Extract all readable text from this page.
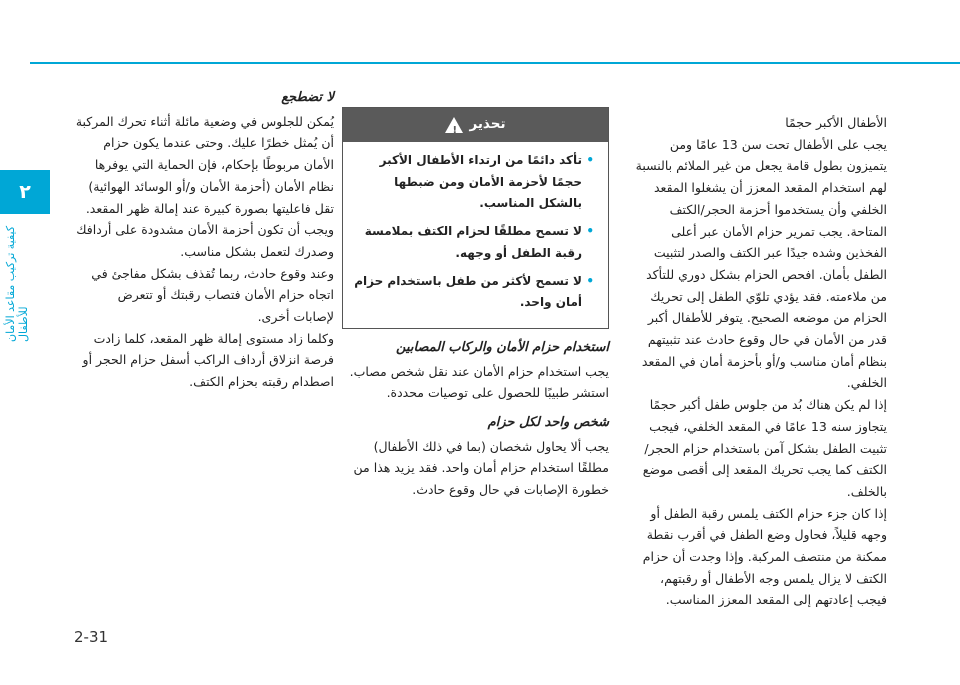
٢
كيفية تركيب مقاعد الأمان للأطفال

الأطفال الأكبر حجمًا

يجب على الأطفال تحت سن 13 عامًا ومن يتميزون بطول قامة يجعل من غير الملائم بالنسبة لهم استخدام المقعد المعزز أن يشغلوا المقعد الخلفي وأن يستخدموا أحزمة الحجر/الكتف المتاحة. يجب تمرير حزام الأمان عبر أعلى الفخذين وشده جيدًا عبر الكتف والصدر لتثبيت الطفل بأمان. افحص الحزام بشكل دوري للتأكد من ملاءمته. فقد يؤدي تلوّي الطفل إلى تحريك الحزام من موضعه الصحيح. يتوفر للأطفال أكبر قدر من الأمان في حال وقوع حادث عند تثبيتهم بنظام أمان مناسب و/أو بأحزمة أمان في المقعد الخلفي.

إذا لم يكن هناك بُد من جلوس طفل أكبر حجمًا يتجاوز سنه 13 عامًا في المقعد الخلفي، فيجب تثبيت الطفل بشكل آمن باستخدام حزام الحجر/الكتف كما يجب تحريك المقعد إلى أقصى موضع بالخلف.

إذا كان جزء حزام الكتف يلمس رقبة الطفل أو وجهه قليلاً، فحاول وضع الطفل في أقرب نقطة ممكنة من منتصف المركبة. وإذا وجدت أن حزام الكتف لا يزال يلمس وجه الأطفال أو رقبتهم، فيجب إعادتهم إلى المقعد المعزز المناسب.

تحذير
!
• تأكد دائمًا من ارتداء الأطفال الأكبر حجمًا لأحزمة الأمان ومن ضبطها بالشكل المناسب.
• لا تسمح مطلقًا لحزام الكتف بملامسة رقبة الطفل أو وجهه.
• لا تسمح لأكثر من طفل باستخدام حزام أمان واحد.
استخدام حزام الأمان والركاب المصابين

يجب استخدام حزام الأمان عند نقل شخص مصاب. استشر طبيبًا للحصول على توصيات محددة.

شخص واحد لكل حزام

يجب ألا يحاول شخصان (بما في ذلك الأطفال) مطلقًا استخدام حزام أمان واحد. فقد يزيد هذا من خطورة الإصابات في حال وقوع حادث.

لا تضطجع

يُمكن للجلوس في وضعية مائلة أثناء تحرك المركبة أن يُمثل خطرًا عليك. وحتى عندما يكون حزام الأمان مربوطًا بإحكام، فإن الحماية التي يوفرها نظام الأمان (أحزمة الأمان و/أو الوسائد الهوائية) تقل فاعليتها بصورة كبيرة عند إمالة ظهر المقعد. ويجب أن تكون أحزمة الأمان مشدودة على أردافك وصدرك لتعمل بشكل مناسب.

وعند وقوع حادث، ربما تُقذف بشكل مفاجئ في اتجاه حزام الأمان فتصاب رقبتك أو تتعرض لإصابات أخرى.

وكلما زاد مستوى إمالة ظهر المقعد، كلما زادت فرصة انزلاق أرداف الراكب أسفل حزام الحجر أو اصطدام رقبته بحزام الكتف.

2-31
